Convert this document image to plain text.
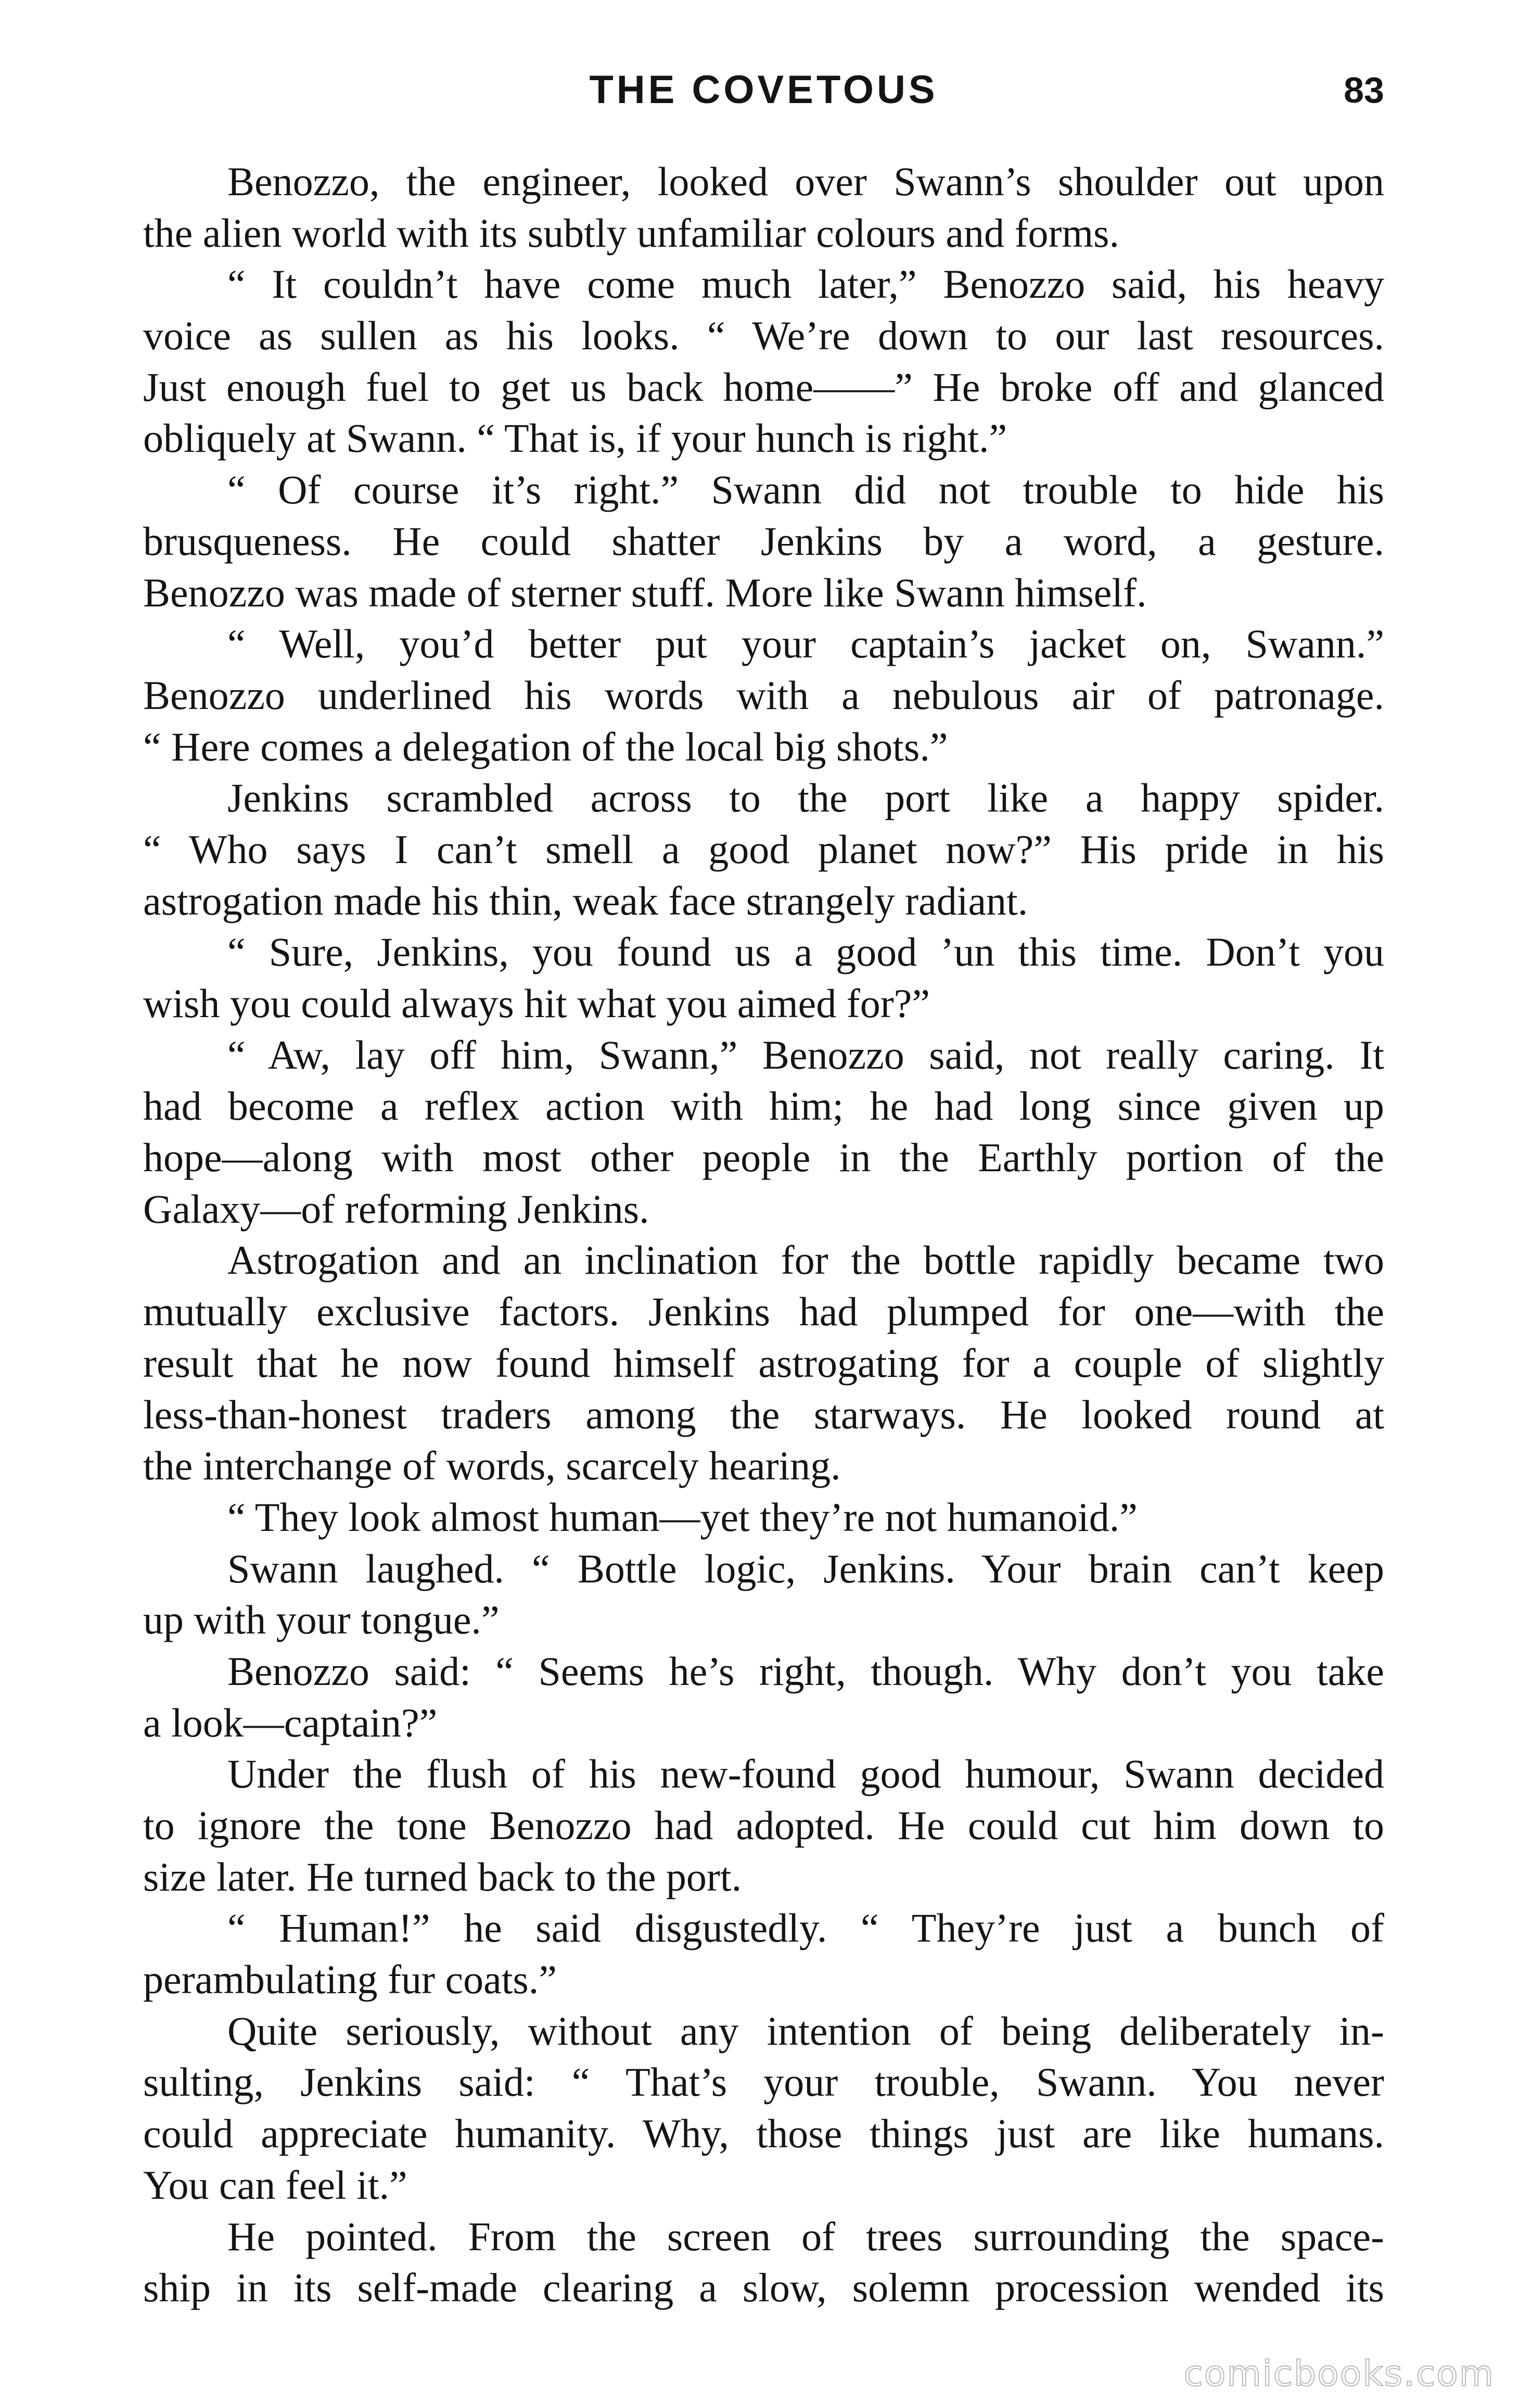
THE COVETOUS	83
Benozzo, the engineer, looked over Swann’s shoulder out upon
the alien world with its subtly unfamiliar colours and forms.
“ It couldn’t have come much later,” Benozzo said, his heavy
voice as sullen as his looks. “ We’re down to our last resources.
Just enough fuel to get us back home——” He broke off and glanced
obliquely at Swann. “ That is, if your hunch is right.”
“ Of course it’s right.” Swann did not trouble to hide his
brusqueness. He could shatter Jenkins by a word, a gesture.
Benozzo was made of sterner stuff. More like Swann himself.
“ Well, you’d better put your captain’s jacket on, Swann.”
Benozzo underlined his words with a nebulous air of patronage.
“ Here comes a delegation of the local big shots.”
Jenkins scrambled across to the port like a happy spider.
“ Who says I can’t smell a good planet now?” His pride in his
astrogation made his thin, weak face strangely radiant.
“ Sure, Jenkins, you found us a good ’un this time. Don’t you
wish you could always hit what you aimed for?”
“ Aw, lay off him, Swann,” Benozzo said, not really caring. It
had become a reflex action with him; he had long since given up
hope—along with most other people in the Earthly portion of the
Galaxy—of reforming Jenkins.
Astrogation and an inclination for the bottle rapidly became two
mutually exclusive factors. Jenkins had plumped for one—with the
result that he now found himself astrogating for a couple of slightly
less-than-honest traders among the starways. He looked round at
the interchange of words, scarcely hearing.
“ They look almost human—yet they’re not humanoid.”
Swann laughed. “ Bottle logic, Jenkins. Your brain can’t keep
up with your tongue.”
Benozzo said: “ Seems he’s right, though. Why don’t you take
a look—captain?”
Under the flush of his new-found good humour, Swann decided
to ignore the tone Benozzo had adopted. He could cut him down to
size later. He turned back to the port.
“ Human!” he said disgustedly. “ They’re just a bunch of
perambulating fur coats.”
Quite seriously, without any intention of being deliberately in-
sulting, Jenkins said: “ That’s your trouble, Swann. You never
could appreciate humanity. Why, those things just are like humans.
You can feel it.”
He pointed. From the screen of trees surrounding the space-
ship in its self-made clearing a slow, solemn procession wended its
comicbooks.com
